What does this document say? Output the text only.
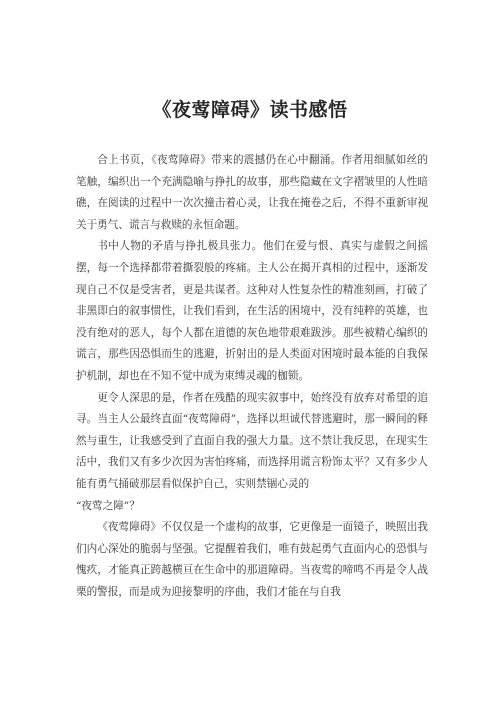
《夜莺障碍》读书感悟

合上书页，《夜莺障碍》带来的震撼仍在心中翻涌。作者用细腻如丝的笔触，编织出一个充满隐喻与挣扎的故事，那些隐藏在文字褶皱里的人性暗礁，在阅读的过程中一次次撞击着心灵，让我在掩卷之后，不得不重新审视关于勇气、谎言与救赎的永恒命题。

书中人物的矛盾与挣扎极具张力。他们在爱与恨、真实与虚假之间摇摆，每一个选择都带着撕裂般的疼痛。主人公在揭开真相的过程中，逐渐发现自己不仅是受害者，更是共谋者。这种对人性复杂性的精准刻画，打破了非黑即白的叙事惯性，让我们看到，在生活的困境中，没有纯粹的英雄，也没有绝对的恶人，每个人都在道德的灰色地带艰难跋涉。那些被精心编织的谎言，那些因恐惧而生的逃避，折射出的是人类面对困境时最本能的自我保护机制，却也在不知不觉中成为束缚灵魂的枷锁。

更令人深思的是，作者在残酷的现实叙事中，始终没有放弃对希望的追寻。当主人公最终直面“夜莺障碍”，选择以坦诚代替逃避时，那一瞬间的释然与重生，让我感受到了直面自我的强大力量。这不禁让我反思，在现实生活中，我们又有多少次因为害怕疼痛，而选择用谎言粉饰太平？又有多少人能有勇气捅破那层看似保护自己，实则禁锢心灵的

“夜莺之障”？

《夜莺障碍》不仅仅是一个虚构的故事，它更像是一面镜子，映照出我们内心深处的脆弱与坚强。它提醒着我们，唯有鼓起勇气直面内心的恐惧与愧疚，才能真正跨越横亘在生命中的那道障碍。当夜莺的啼鸣不再是令人战栗的警报，而是成为迎接黎明的序曲，我们才能在与自我
